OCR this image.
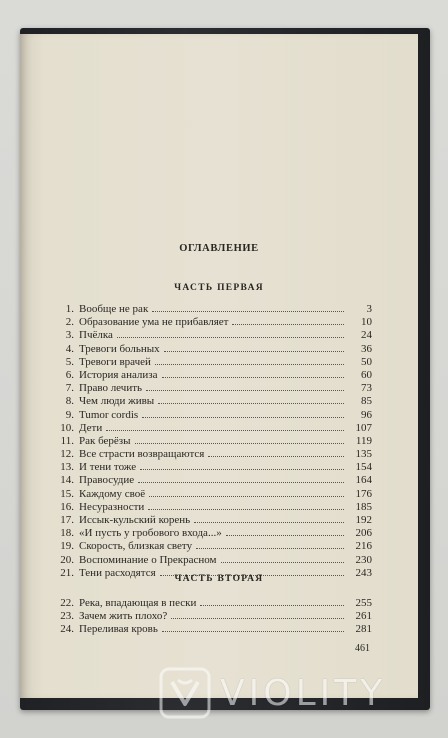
ОГЛАВЛЕНИЕ
ЧАСТЬ ПЕРВАЯ
1. Вообще не рак	3
2. Образование ума не прибавляет	10
3. Пчёлка	24
4. Тревоги больных	36
5. Тревоги врачей	50
6. История анализа	60
7. Право лечить	73
8. Чем люди живы	85
9. Tumor cordis	96
10. Дети	107
11. Рак берёзы	119
12. Все страсти возвращаются	135
13. И тени тоже	154
14. Правосудие	164
15. Каждому своё	176
16. Несуразности	185
17. Иссык-кульский корень	192
18. «И пусть у гробового входа...»	206
19. Скорость, близкая свету	216
20. Воспоминание о Прекрасном	230
21. Тени расходятся	243
ЧАСТЬ ВТОРАЯ
22. Река, впадающая в пески	255
23. Зачем жить плохо?	261
24. Переливая кровь	281
461
VIOLITY
